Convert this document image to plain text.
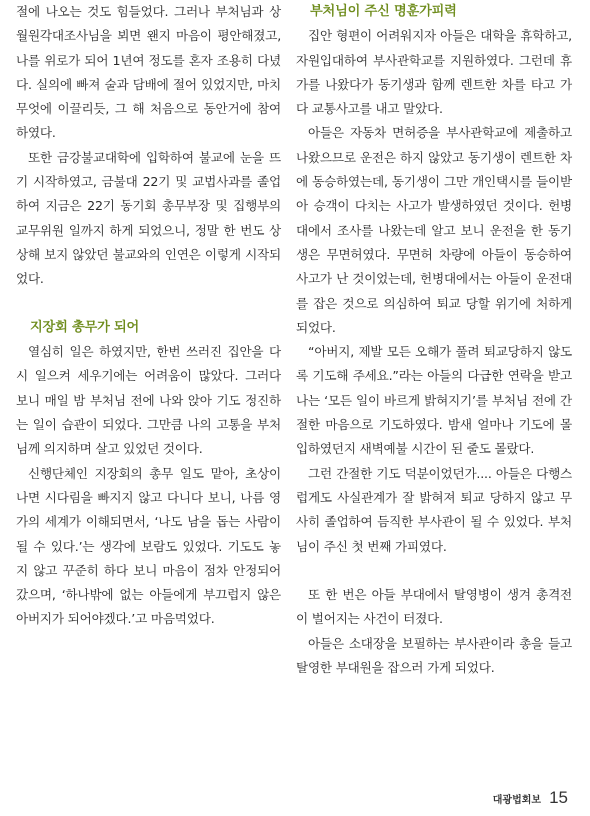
절에 나오는 것도 힘들었다. 그러나 부처님과 상월원각대조사님을 뵈면 왠지 마음이 평안해졌고, 나를 위로가 되어 1년여 정도를 혼자 조용히 다녔다. 실의에 빠져 술과 담배에 절어 있었지만, 마치 무엇에 이끌리듯, 그 해 처음으로 동안거에 참여하였다.

또한 금강불교대학에 입학하여 불교에 눈을 뜨기 시작하였고, 금불대 22기 및 교법사과를 졸업하여 지금은 22기 동기회 총무부장 및 집행부의 교무위원 일까지 하게 되었으니, 정말 한 번도 상상해 보지 않았던 불교와의 인연은 이렇게 시작되었다.

지장회 총무가 되어

열심히 일은 하였지만, 한번 쓰러진 집안을 다시 일으켜 세우기에는 어려움이 많았다. 그러다 보니 매일 밤 부처님 전에 나와 앉아 기도 정진하는 일이 습관이 되었다. 그만큼 나의 고통을 부처님께 의지하며 살고 있었던 것이다.

신행단체인 지장회의 총무 일도 맡아, 초상이 나면 시다림을 빠지지 않고 다니다 보니, 나름 영가의 세계가 이해되면서, ‘나도 남을 돕는 사람이 될 수 있다.’는 생각에 보람도 있었다. 기도도 놓지 않고 꾸준히 하다 보니 마음이 점차 안정되어 갔으며, ‘하나밖에 없는 아들에게 부끄럽지 않은 아버지가 되어야겠다.’고 마음먹었다.

부처님이 주신 명훈가피력

집안 형편이 어려워지자 아들은 대학을 휴학하고, 자원입대하여 부사관학교를 지원하였다. 그런데 휴가를 나왔다가 동기생과 함께 렌트한 차를 타고 가다 교통사고를 내고 말았다.

아들은 자동차 면허증을 부사관학교에 제출하고 나왔으므로 운전은 하지 않았고 동기생이 렌트한 차에 동승하였는데, 동기생이 그만 개인택시를 들이받아 승객이 다치는 사고가 발생하였던 것이다. 헌병대에서 조사를 나왔는데 알고 보니 운전을 한 동기생은 무면허였다. 무면허 차량에 아들이 동승하여 사고가 난 것이었는데, 헌병대에서는 아들이 운전대를 잡은 것으로 의심하여 퇴교 당할 위기에 처하게 되었다.

“아버지, 제발 모든 오해가 풀려 퇴교당하지 않도록 기도해 주세요.”라는 아들의 다급한 연락을 받고 나는 ‘모든 일이 바르게 밝혀지기’를 부처님 전에 간절한 마음으로 기도하였다. 밤새 얼마나 기도에 몰입하였던지 새벽예불 시간이 된 줄도 몰랐다.

그런 간절한 기도 덕분이었던가.... 아들은 다행스럽게도 사실관계가 잘 밝혀져 퇴교 당하지 않고 무사히 졸업하여 듬직한 부사관이 될 수 있었다. 부처님이 주신 첫 번째 가피였다.

또 한 번은 아들 부대에서 탈영병이 생겨 총격전이 벌어지는 사건이 터졌다.

아들은 소대장을 보필하는 부사관이라 총을 들고 탈영한 부대원을 잡으러 가게 되었다.

대광법회보 15
